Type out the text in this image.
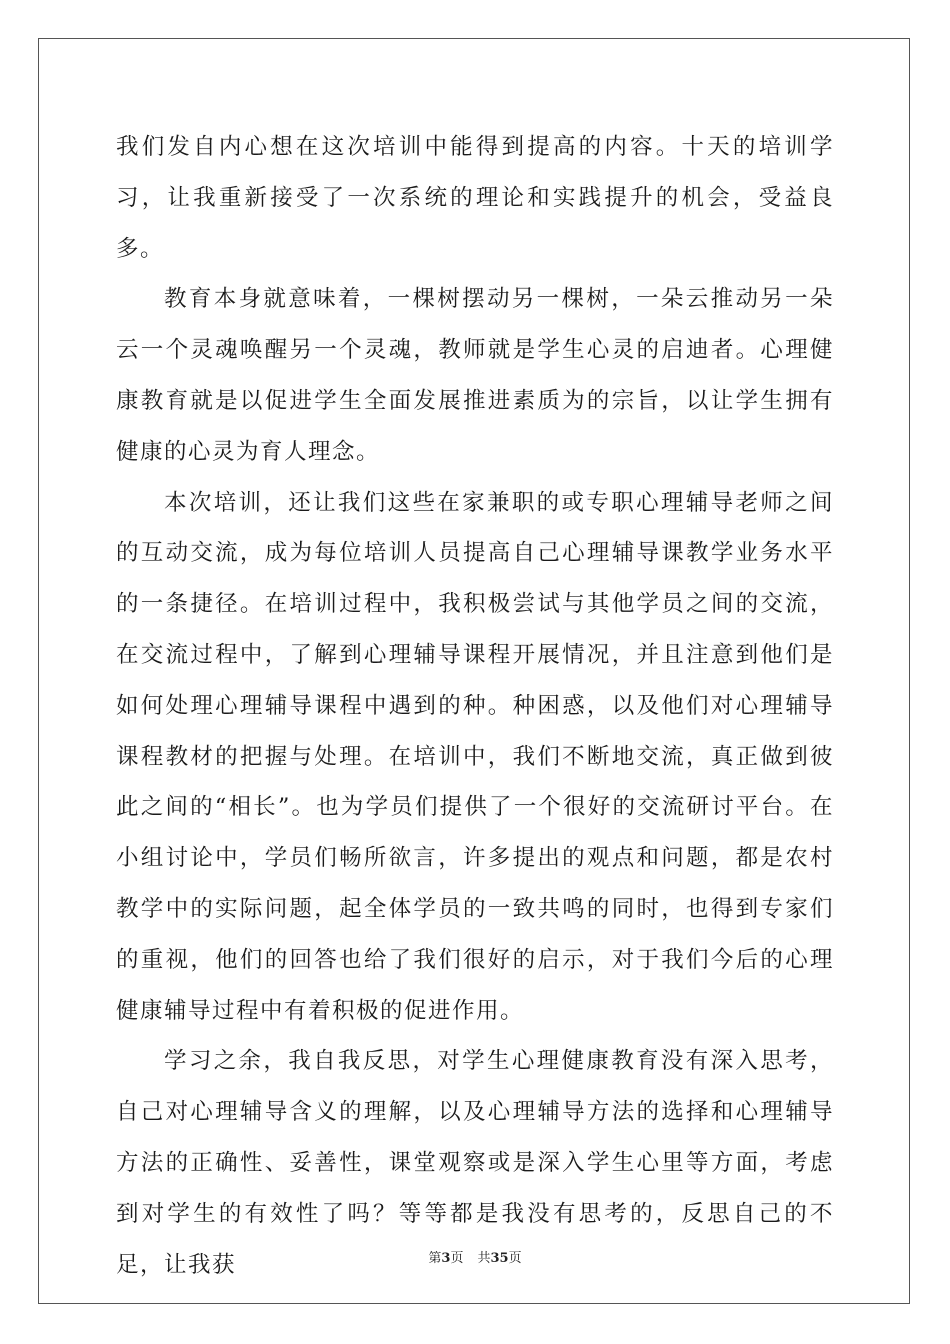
我们发自内心想在这次培训中能得到提高的内容。十天的培训学习，让我重新接受了一次系统的理论和实践提升的机会，受益良多。

教育本身就意味着，一棵树摆动另一棵树，一朵云推动另一朵云一个灵魂唤醒另一个灵魂，教师就是学生心灵的启迪者。心理健康教育就是以促进学生全面发展推进素质为的宗旨，以让学生拥有健康的心灵为育人理念。

本次培训，还让我们这些在家兼职的或专职心理辅导老师之间的互动交流，成为每位培训人员提高自己心理辅导课教学业务水平的一条捷径。在培训过程中，我积极尝试与其他学员之间的交流，在交流过程中，了解到心理辅导课程开展情况，并且注意到他们是如何处理心理辅导课程中遇到的种。种困惑，以及他们对心理辅导课程教材的把握与处理。在培训中，我们不断地交流，真正做到彼此之间的“相长”。也为学员们提供了一个很好的交流研讨平台。在小组讨论中，学员们畅所欲言，许多提出的观点和问题，都是农村教学中的实际问题，起全体学员的一致共鸣的同时，也得到专家们的重视，他们的回答也给了我们很好的启示，对于我们今后的心理健康辅导过程中有着积极的促进作用。

学习之余，我自我反思，对学生心理健康教育没有深入思考，自己对心理辅导含义的理解，以及心理辅导方法的选择和心理辅导方法的正确性、妥善性，课堂观察或是深入学生心里等方面，考虑到对学生的有效性了吗？等等都是我没有思考的，反思自己的不足，让我获	第3页 共35页
